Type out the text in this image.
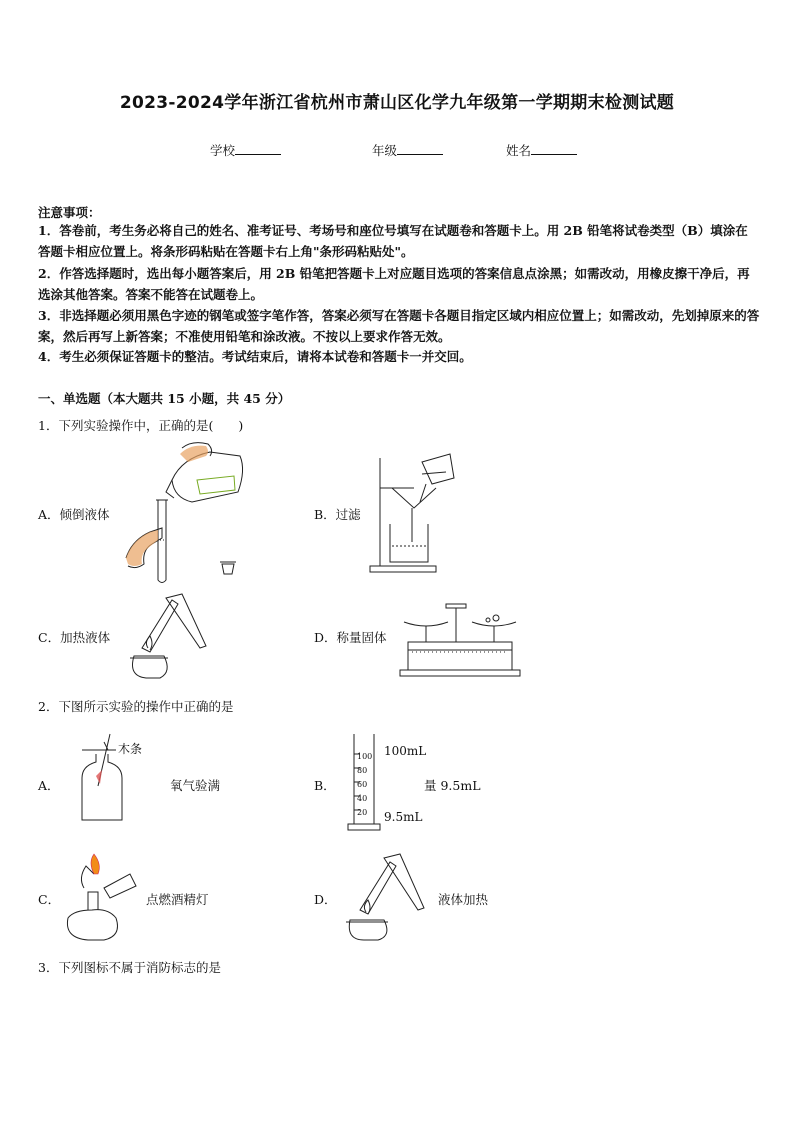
2023-2024学年浙江省杭州市萧山区化学九年级第一学期期末检测试题
学校	年级	姓名
注意事项：
1．答卷前，考生务必将自己的姓名、准考证号、考场号和座位号填写在试题卷和答题卡上。用 2B 铅笔将试卷类型（B）填涂在答题卡相应位置上。将条形码粘贴在答题卡右上角"条形码粘贴处"。
2．作答选择题时，选出每小题答案后，用 2B 铅笔把答题卡上对应题目选项的答案信息点涂黑；如需改动，用橡皮擦干净后，再选涂其他答案。答案不能答在试题卷上。
3．非选择题必须用黑色字迹的钢笔或签字笔作答，答案必须写在答题卡各题目指定区域内相应位置上；如需改动，先划掉原来的答案，然后再写上新答案；不准使用铅笔和涂改液。不按以上要求作答无效。
4．考生必须保证答题卡的整洁。考试结束后，请将本试卷和答题卡一并交回。
一、单选题（本大题共 15 小题，共 45 分）
1．下列实验操作中，正确的是(　　)
A．倾倒液体	B．过滤
C．加热液体	D．称量固体
2．下图所示实验的操作中正确的是
A．
木条
氧气验满	B．
100
80
60
40
20
100mL
量 9.5mL
9.5mL
C．	点燃酒精灯	D．	液体加热
3．下列图标不属于消防标志的是
